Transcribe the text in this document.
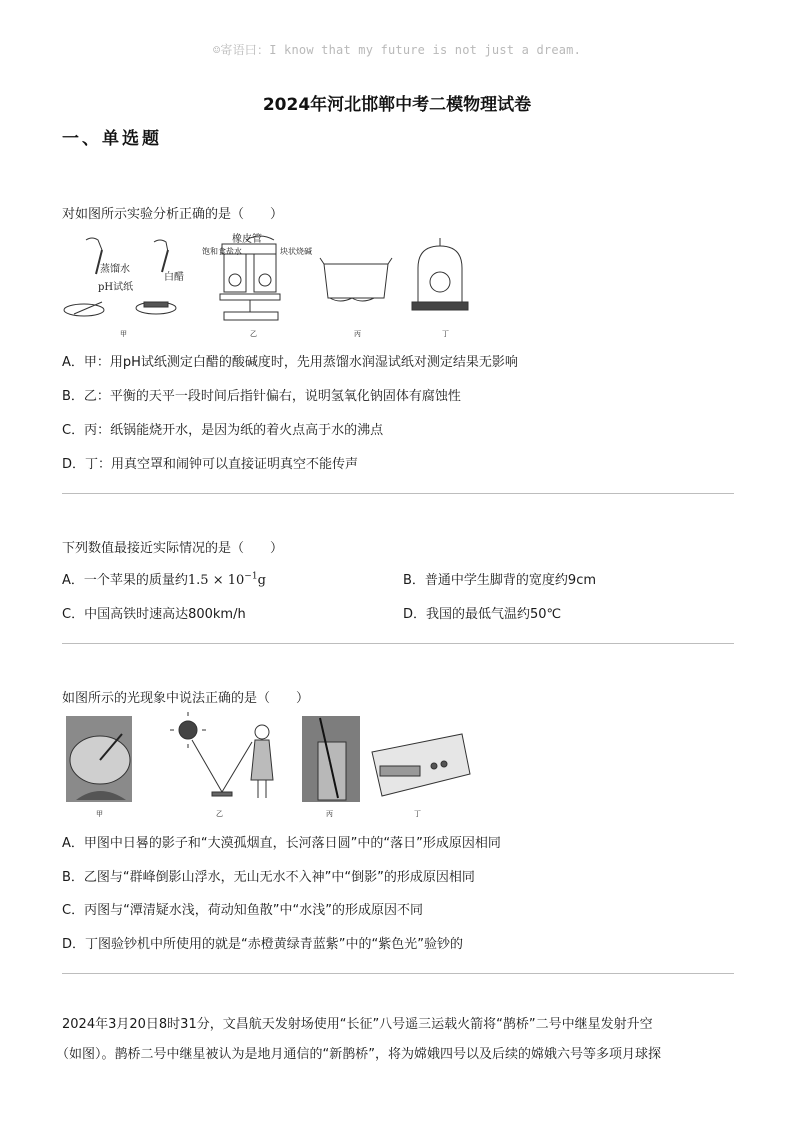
☺寄语曰：I know that my future is not just a dream.
2024年河北邯郸中考二模物理试卷
一、单选题
对如图所示实验分析正确的是（　　）
蒸馏水
pH试纸
白醋
甲
橡皮管
饱和食盐水	块状烧碱
乙	丙	丁
A．甲：用pH试纸测定白醋的酸碱度时，先用蒸馏水润湿试纸对测定结果无影响
B．乙：平衡的天平一段时间后指针偏右，说明氢氧化钠固体有腐蚀性
C．丙：纸锅能烧开水，是因为纸的着火点高于水的沸点
D．丁：用真空罩和闹钟可以直接证明真空不能传声
下列数值最接近实际情况的是（　　）
A．一个苹果的质量约$1.5 \times 10^{-1}g$	B．普通中学生脚背的宽度约9cm
C．中国高铁时速高达800km/h	D．我国的最低气温约50℃
如图所示的光现象中说法正确的是（　　）
甲	乙	丙	丁
A．甲图中日晷的影子和“大漠孤烟直，长河落日圆”中的“落日”形成原因相同
B．乙图与“群峰倒影山浮水，无山无水不入神”中“倒影”的形成原因相同
C．丙图与“潭清疑水浅，荷动知鱼散”中“水浅”的形成原因不同
D．丁图验钞机中所使用的就是“赤橙黄绿青蓝紫”中的“紫色光”验钞的

2024年3月20日8时31分，文昌航天发射场使用“长征”八号遥三运载火箭将“鹊桥”二号中继星发射升空

（如图）。鹊桥二号中继星被认为是地月通信的“新鹊桥”，将为嫦娥四号以及后续的嫦娥六号等多项月球探
